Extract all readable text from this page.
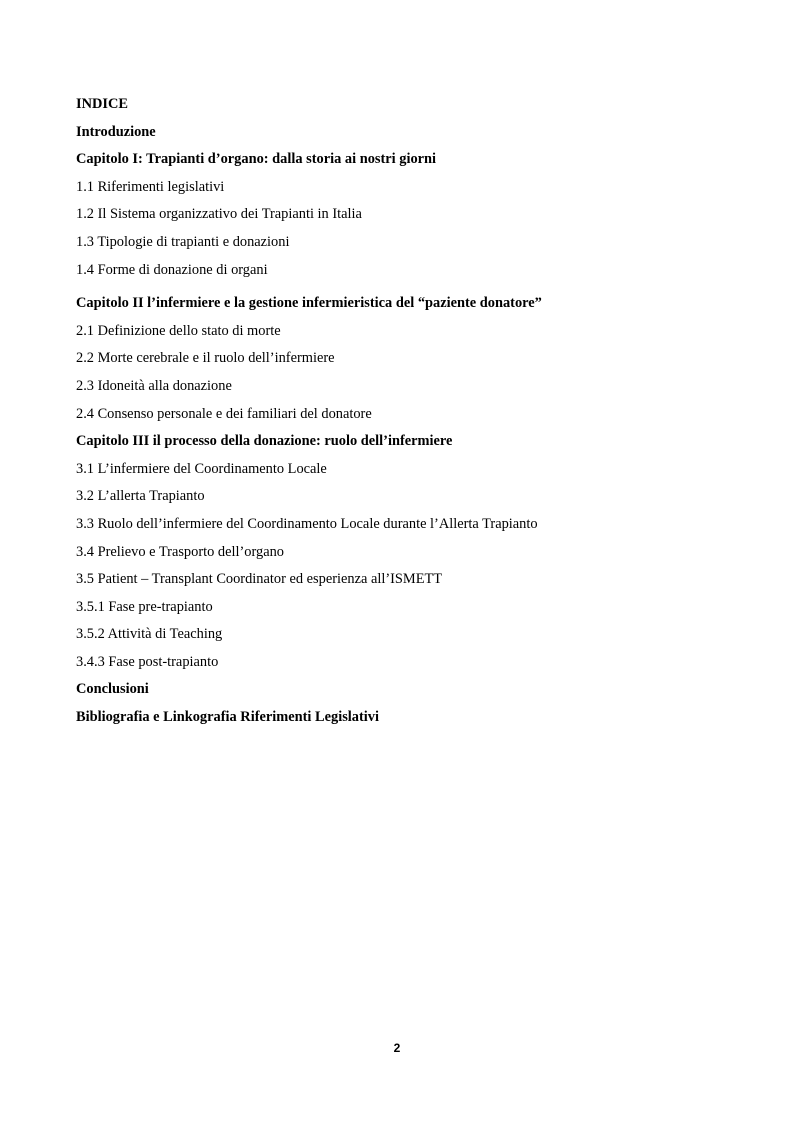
INDICE
Introduzione
Capitolo I: Trapianti d’organo: dalla storia ai nostri giorni
1.1 Riferimenti legislativi
1.2 Il Sistema organizzativo dei Trapianti in Italia
1.3 Tipologie di trapianti e donazioni
1.4 Forme di donazione di organi
Capitolo II l’infermiere e la gestione infermieristica del “paziente donatore”
2.1 Definizione dello stato di morte
2.2 Morte cerebrale e il ruolo dell’infermiere
2.3 Idoneità alla donazione
2.4 Consenso personale e dei familiari del donatore
Capitolo III il processo della donazione: ruolo dell’infermiere
3.1 L’infermiere del Coordinamento Locale
3.2 L’allerta Trapianto
3.3 Ruolo dell’infermiere del Coordinamento Locale durante l’Allerta Trapianto
3.4 Prelievo e Trasporto dell’organo
3.5 Patient – Transplant Coordinator ed esperienza all’ISMETT
3.5.1 Fase pre-trapianto
3.5.2 Attività di Teaching
3.4.3 Fase post-trapianto
Conclusioni
Bibliografia e Linkografia Riferimenti Legislativi
2
